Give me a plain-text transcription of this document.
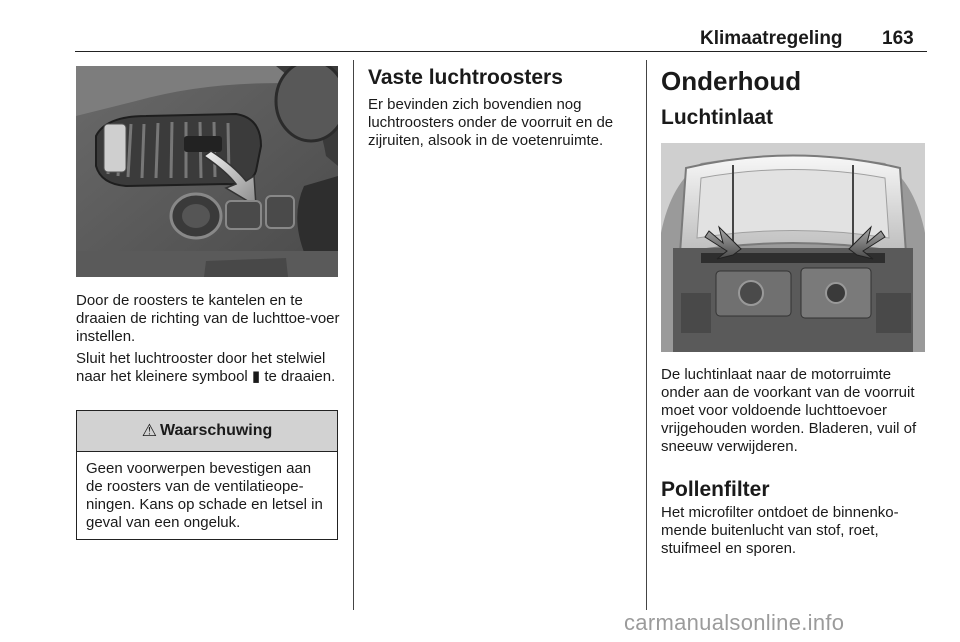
Klimaatregeling 163

Door de roosters te kantelen en te draaien de richting van de luchttoe-voer instellen.

Sluit het luchtrooster door het stelwiel naar het kleinere symbool ▮ te draaien.

⚠ Waarschuwing

Geen voorwerpen bevestigen aan de roosters van de ventilatieope-ningen. Kans op schade en letsel in geval van een ongeluk.

Vaste luchtroosters

Er bevinden zich bovendien nog luchtroosters onder de voorruit en de zijruiten, alsook in de voetenruimte.

Onderhoud
Luchtinlaat

De luchtinlaat naar de motorruimte onder aan de voorkant van de voorruit moet voor voldoende luchttoevoer vrijgehouden worden. Bladeren, vuil of sneeuw verwijderen.

Pollenfilter

Het microfilter ontdoet de binnenko-mende buitenlucht van stof, roet, stuifmeel en sporen.

carmanualsonline.info
